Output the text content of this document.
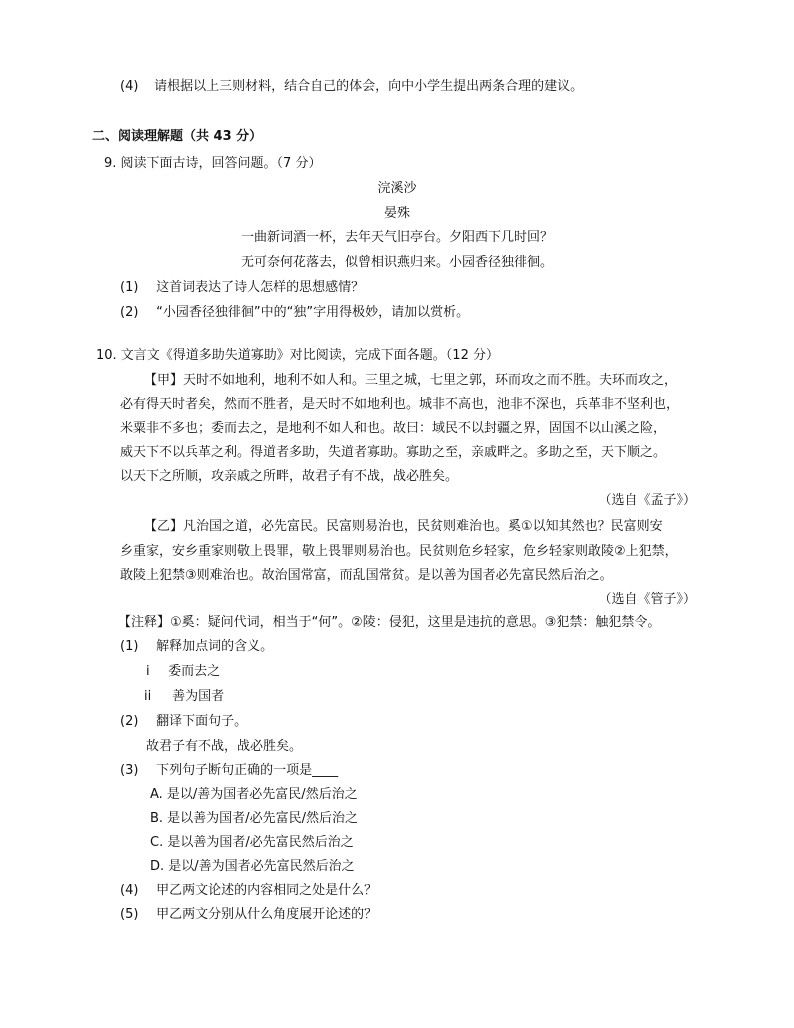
(4) 请根据以上三则材料，结合自己的体会，向中小学生提出两条合理的建议。
二、阅读理解题（共 43 分）
9. 阅读下面古诗，回答问题。（7 分）
浣溪沙
晏殊
一曲新词酒一杯，去年天气旧亭台。夕阳西下几时回？
无可奈何花落去，似曾相识燕归来。小园香径独徘徊。
(1) 这首词表达了诗人怎样的思想感情？
(2) “小园香径独徘徊”中的“独”字用得极妙，请加以赏析。
10. 文言文《得道多助失道寡助》对比阅读，完成下面各题。（12 分）
【甲】天时不如地利，地利不如人和。三里之城，七里之郭，环而攻之而不胜。夫环而攻之，
必有得天时者矣，然而不胜者，是天时不如地利也。城非不高也，池非不深也，兵革非不坚利也，
米粟非不多也；委而去之，是地利不如人和也。故曰：域民不以封疆之界，固国不以山溪之险，
威天下不以兵革之利。得道者多助，失道者寡助。寡助之至，亲戚畔之。多助之至，天下顺之。
以天下之所顺，攻亲戚之所畔，故君子有不战，战必胜矣。
（选自《孟子》）
【乙】凡治国之道，必先富民。民富则易治也，民贫则难治也。奚①以知其然也？民富则安
乡重家，安乡重家则敬上畏罪，敬上畏罪则易治也。民贫则危乡轻家，危乡轻家则敢陵②上犯禁，
敢陵上犯禁③则难治也。故治国常富，而乱国常贫。是以善为国者必先富民然后治之。
（选自《管子》）
【注释】①奚：疑问代词，相当于“何”。②陵：侵犯，这里是违抗的意思。③犯禁：触犯禁令。
(1) 解释加点词的含义。
i 委而去之
ii 善为国者
(2) 翻译下面句子。
故君子有不战，战必胜矣。
(3) 下列句子断句正确的一项是____
A. 是以/善为国者必先富民/然后治之
B. 是以善为国者/必先富民/然后治之
C. 是以善为国者/必先富民然后治之
D. 是以/善为国者必先富民然后治之
(4) 甲乙两文论述的内容相同之处是什么？
(5) 甲乙两文分别从什么角度展开论述的？
